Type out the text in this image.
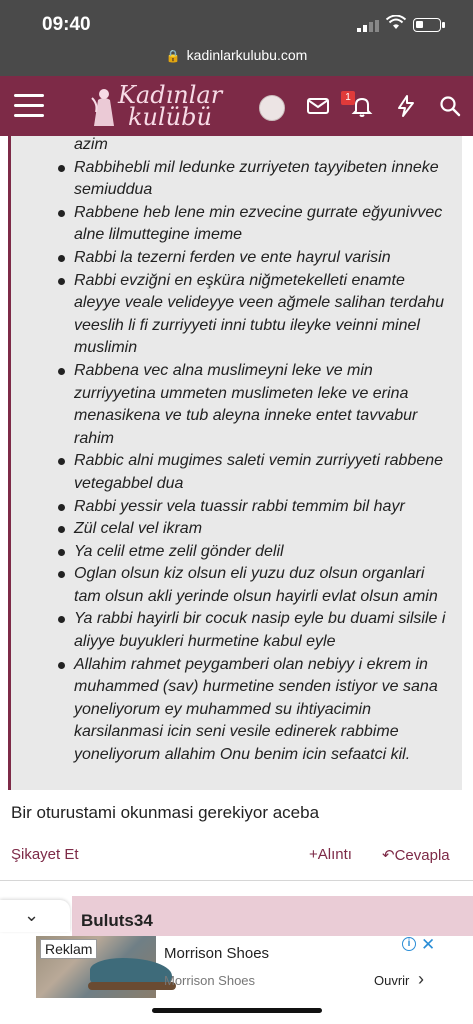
09:40
🔒 kadinlarkulubu.com
Kadınlar
kulübü
1
azim
Rabbihebli mil ledunke zurriyeten tayyibeten inneke semiuddua
Rabbene heb lene min ezvecine gurrate eğyunivvec alne lilmuttegine imeme
Rabbi la tezerni ferden ve ente hayrul varisin
Rabbi evziğni en eşküra niğmetekelleti enamte aleyye veale velideyye veen ağmele salihan terdahu veeslih li fi zurriyyeti inni tubtu ileyke veinni minel muslimin
Rabbena vec alna muslimeyni leke ve min zurriyyetina ummeten muslimeten leke ve erina menasikena ve tub aleyna inneke entet tavvabur rahim
Rabbic alni mugimes saleti vemin zurriyyeti rabbene vetegabbel dua
Rabbi yessir vela tuassir rabbi temmim bil hayr
Zül celal vel ikram
Ya celil etme zelil gönder delil
Oglan olsun kiz olsun eli yuzu duz olsun organlari tam olsun akli yerinde olsun hayirli evlat olsun amin
Ya rabbi hayirli bir cocuk nasip eyle bu duami silsile i aliyye buyukleri hurmetine kabul eyle
Allahim rahmet peygamberi olan nebiyy i ekrem in muhammed (sav) hurmetine senden istiyor ve sana yoneliyorum ey muhammed su ihtiyacimin karsilanmasi icin seni vesile edinerek rabbime yoneliyorum allahim Onu benim icin sefaatci kil.
Bir oturustami okunmasi gerekiyor aceba
Şikayet Et	+Alıntı ↶Cevapla
Buluts34
⌄
Reklam	Morrison Shoes
Morrison Shoes	Ouvrir ›
i ✕
